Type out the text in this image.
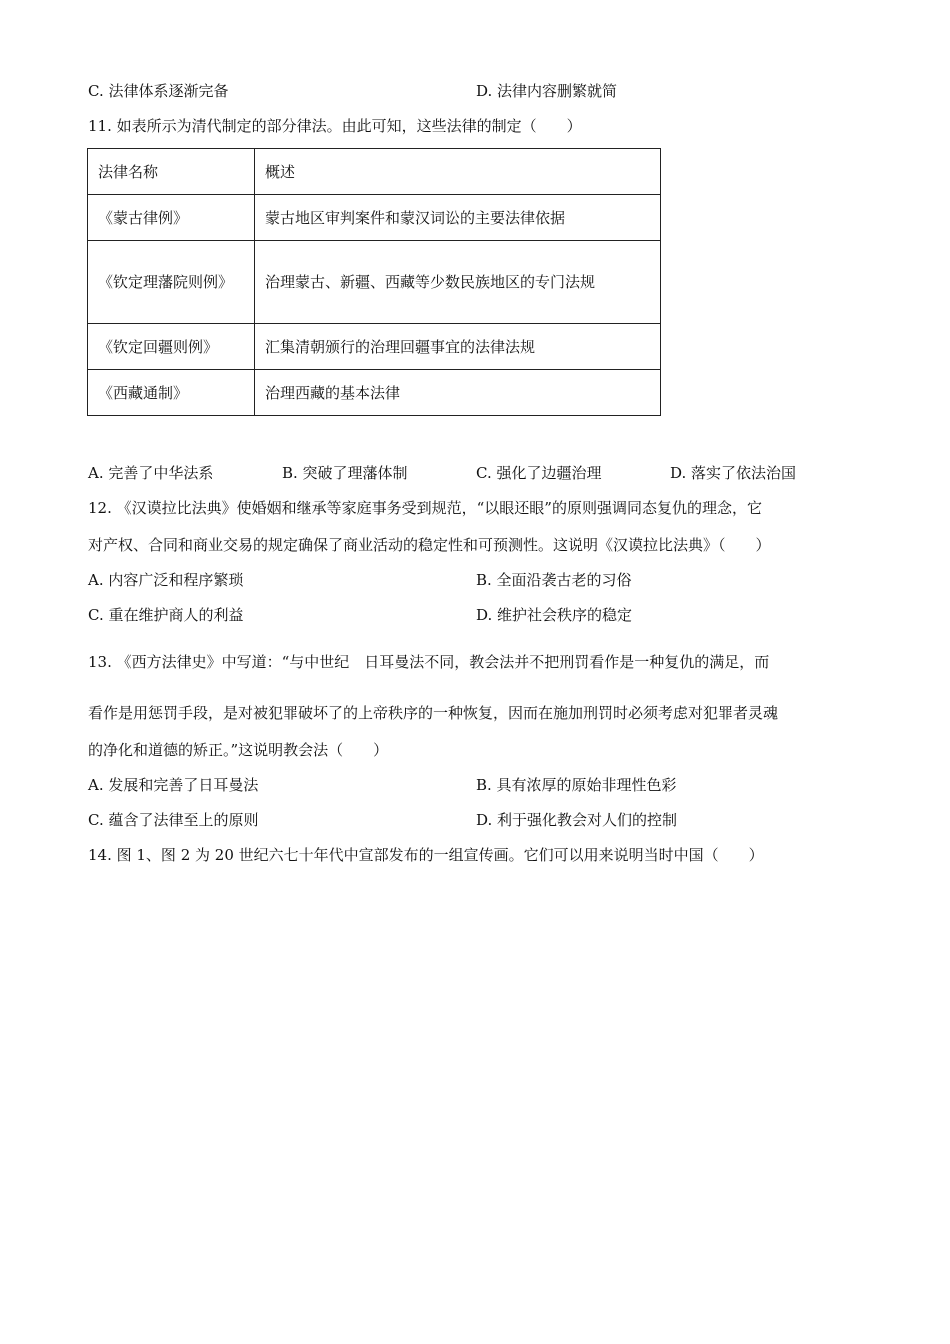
C. 法律体系逐渐完备	D. 法律内容删繁就简
11. 如表所示为清代制定的部分律法。由此可知，这些法律的制定（　　）
法律名称	概述
《蒙古律例》	蒙古地区审判案件和蒙汉词讼的主要法律依据
《钦定理藩院则例》	治理蒙古、新疆、西藏等少数民族地区的专门法规
《钦定回疆则例》	汇集清朝颁行的治理回疆事宜的法律法规
《西藏通制》	治理西藏的基本法律
A. 完善了中华法系	B. 突破了理藩体制	C. 强化了边疆治理	D. 落实了依法治国
12. 《汉谟拉比法典》使婚姻和继承等家庭事务受到规范，“以眼还眼”的原则强调同态复仇的理念，它
对产权、合同和商业交易的规定确保了商业活动的稳定性和可预测性。这说明《汉谟拉比法典》（　　）
A. 内容广泛和程序繁琐	B. 全面沿袭古老的习俗
C. 重在维护商人的利益	D. 维护社会秩序的稳定
13. 《西方法律史》中写道：“与中世纪　日耳曼法不同，教会法并不把刑罚看作是一种复仇的满足，而
看作是用惩罚手段，是对被犯罪破坏了的上帝秩序的一种恢复，因而在施加刑罚时必须考虑对犯罪者灵魂
的净化和道德的矫正。”这说明教会法（　　）
A. 发展和完善了日耳曼法	B. 具有浓厚的原始非理性色彩
C. 蕴含了法律至上的原则	D. 利于强化教会对人们的控制
14. 图 1、图 2 为 20 世纪六七十年代中宣部发布的一组宣传画。它们可以用来说明当时中国（　　）
